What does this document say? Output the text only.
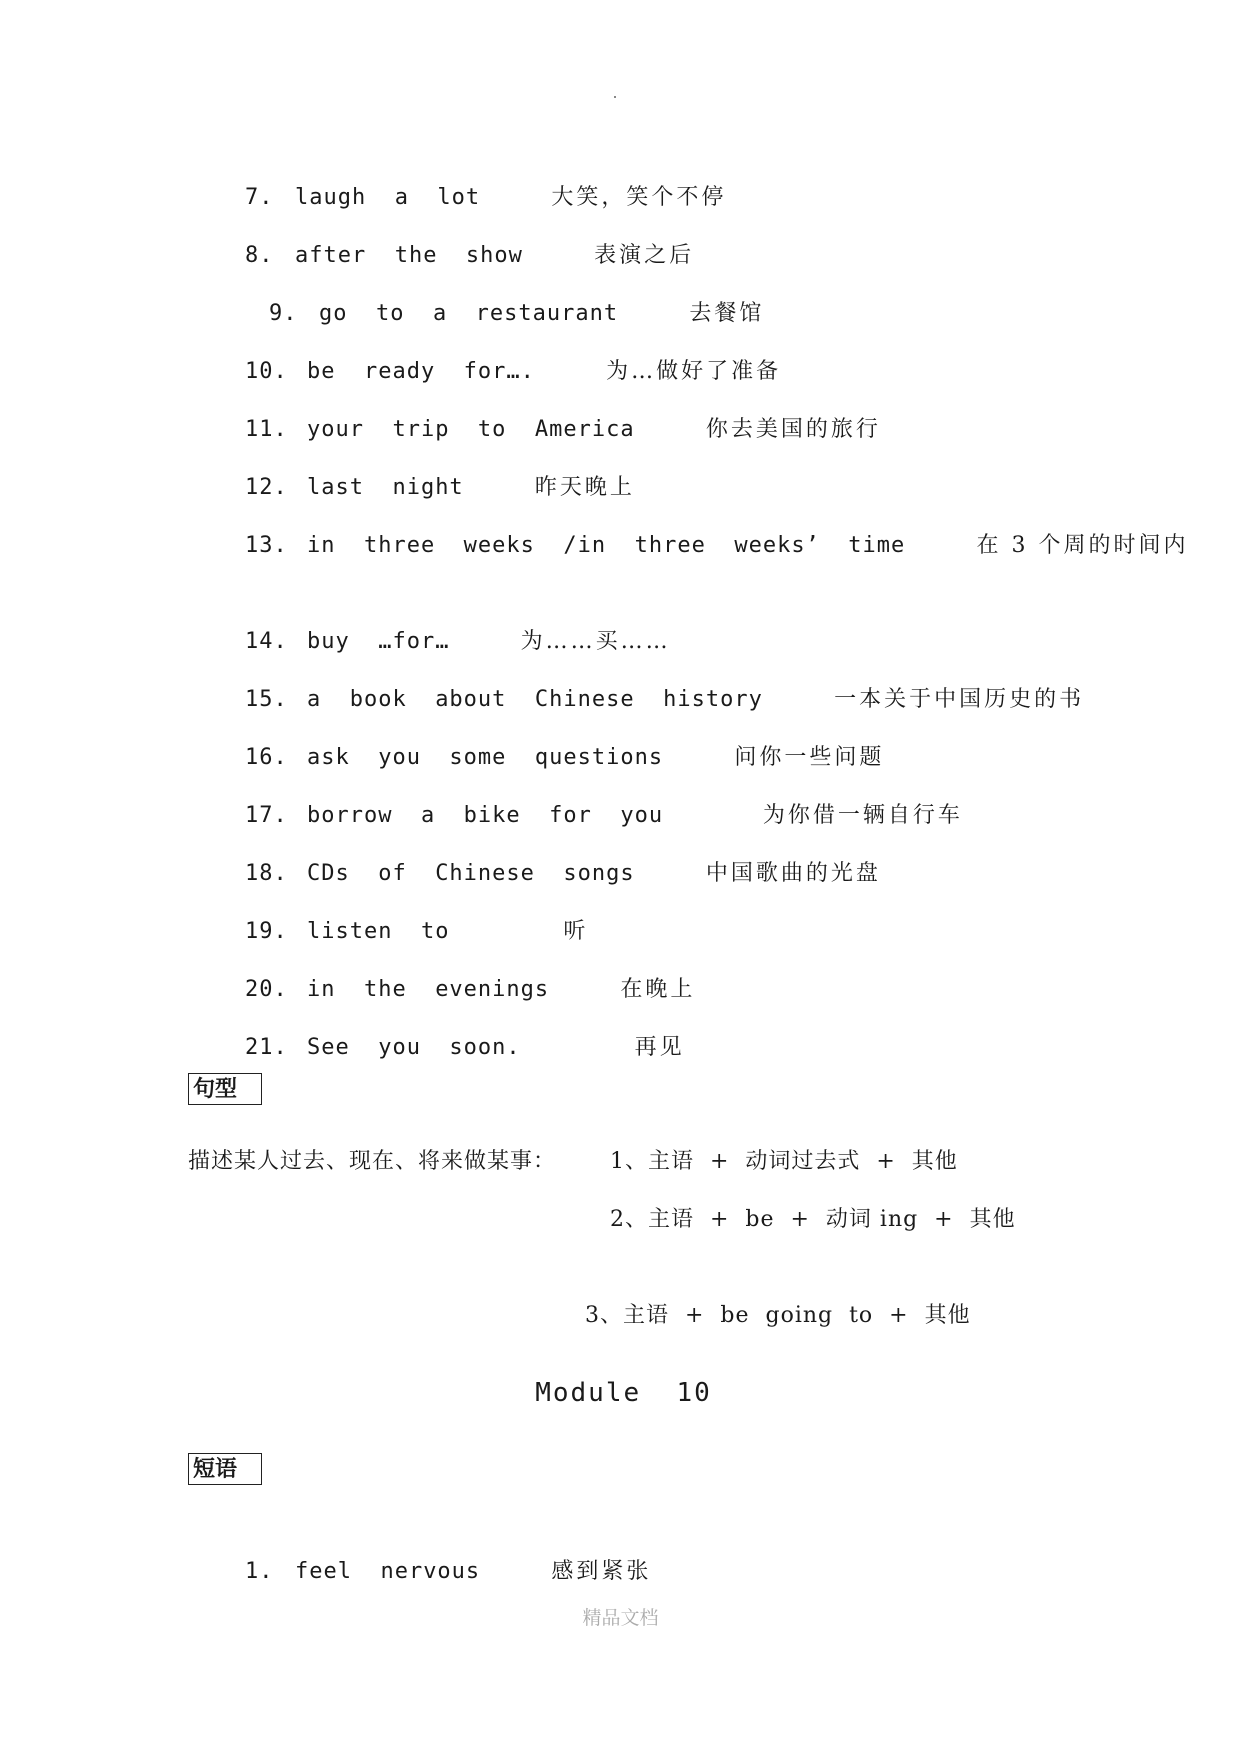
7. laugh  a  lot	大笑，笑个不停

8. after  the  show	表演之后

9. go  to  a  restaurant	去餐馆

10. be  ready  for….	为…做好了准备

11. your  trip  to  America	你去美国的旅行

12. last  night	昨天晚上

13. in  three  weeks  /in  three  weeks’  time	在 3 个周的时间内

14. buy  …for…	为……买……

15. a  book  about  Chinese  history	一本关于中国历史的书

16. ask  you  some  questions	问你一些问题

17. borrow  a  bike  for  you	为你借一辆自行车

18. CDs  of  Chinese  songs	中国歌曲的光盘

19. listen  to	听

20. in  the  evenings	在晚上

21. See  you  soon.	再见

句型
描述某人过去、现在、将来做某事： 1、主语  +  动词过去式  +  其他
2、主语  +  be  +  动词 ing  +  其他
3、主语  +  be  going  to  +  其他
Module  10
短语

1. feel  nervous	感到紧张

精品文档
